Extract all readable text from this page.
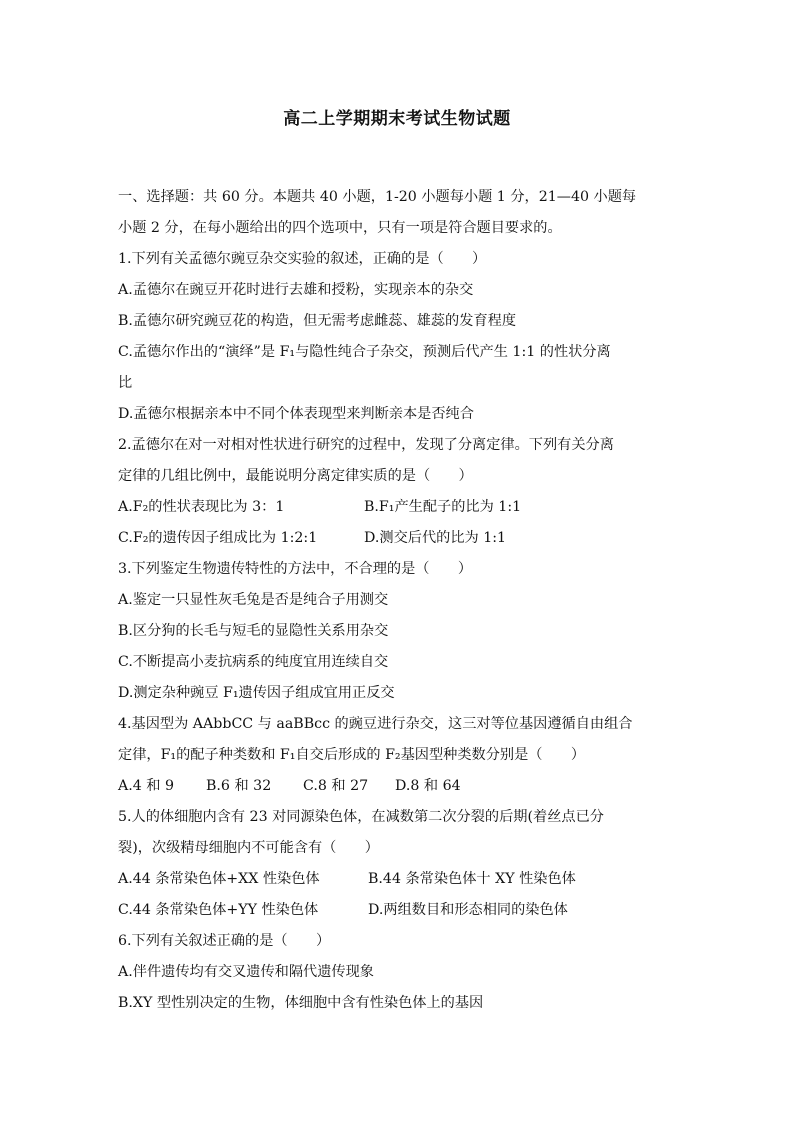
高二上学期期末考试生物试题
一、选择题：共 60 分。本题共 40 小题，1-20 小题每小题 1 分，21—40 小题每
小题 2 分，在每小题给出的四个选项中，只有一项是符合题目要求的。
1.下列有关孟德尔豌豆杂交实验的叙述，正确的是（　　）
A.孟德尔在豌豆开花时进行去雄和授粉，实现亲本的杂交
B.孟德尔研究豌豆花的构造，但无需考虑雌蕊、雄蕊的发育程度
C.孟德尔作出的“演绎”是 F₁与隐性纯合子杂交，预测后代产生 1:1 的性状分离
比
D.孟德尔根据亲本中不同个体表现型来判断亲本是否纯合
2.孟德尔在对一对相对性状进行研究的过程中，发现了分离定律。下列有关分离
定律的几组比例中，最能说明分离定律实质的是（　　）
A.F₂的性状表现比为 3：1	B.F₁产生配子的比为 1:1
C.F₂的遗传因子组成比为 1:2:1	D.测交后代的比为 1:1
3.下列鉴定生物遗传特性的方法中，不合理的是（　　）
A.鉴定一只显性灰毛兔是否是纯合子用测交
B.区分狗的长毛与短毛的显隐性关系用杂交
C.不断提高小麦抗病系的纯度宜用连续自交
D.测定杂种豌豆 F₁遗传因子组成宜用正反交
4.基因型为 AAbbCC 与 aaBBcc 的豌豆进行杂交，这三对等位基因遵循自由组合
定律，F₁的配子种类数和 F₁自交后形成的 F₂基因型种类数分别是（　　）
A.4 和 9 B.6 和 32 C.8 和 27 D.8 和 64
5.人的体细胞内含有 23 对同源染色体，在减数第二次分裂的后期(着丝点已分
裂)，次级精母细胞内不可能含有（　　）
A.44 条常染色体+XX 性染色体	B.44 条常染色体十 XY 性染色体
C.44 条常染色体+YY 性染色体	D.两组数目和形态相同的染色体
6.下列有关叙述正确的是（　　）
A.伴件遗传均有交叉遗传和隔代遗传现象
B.XY 型性别决定的生物，体细胞中含有性染色体上的基因
